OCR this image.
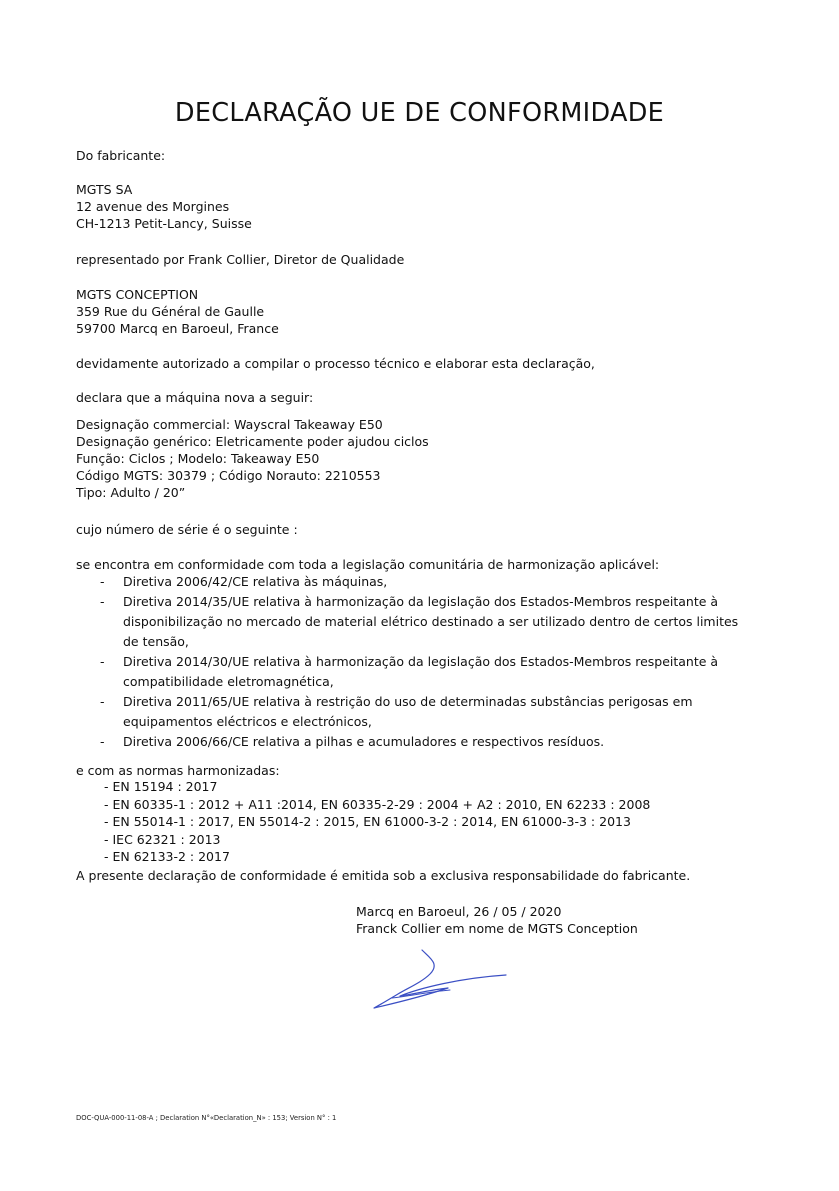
DECLARAÇÃO UE DE CONFORMIDADE
Do fabricante:
MGTS SA
12 avenue des Morgines
CH-1213 Petit-Lancy, Suisse
representado por Frank Collier, Diretor de Qualidade
MGTS CONCEPTION
359 Rue du Général de Gaulle
59700 Marcq en Baroeul, France
devidamente autorizado a compilar o processo técnico e elaborar esta declaração,
declara que a máquina nova a seguir:
Designação commercial: Wayscral Takeaway E50
Designação genérico: Eletricamente poder ajudou ciclos
Função: Ciclos ; Modelo: Takeaway E50
Código MGTS: 30379 ; Código Norauto: 2210553
Tipo: Adulto / 20”
cujo número de série é o seguinte :
se encontra em conformidade com toda a legislação comunitária de harmonização aplicável:
- Diretiva 2006/42/CE relativa às máquinas,
- Diretiva 2014/35/UE relativa à harmonização da legislação dos Estados-Membros respeitante à
disponibilização no mercado de material elétrico destinado a ser utilizado dentro de certos limites
de tensão,
- Diretiva 2014/30/UE relativa à harmonização da legislação dos Estados-Membros respeitante à
compatibilidade eletromagnética,
- Diretiva 2011/65/UE relativa à restrição do uso de determinadas substâncias perigosas em
equipamentos eléctricos e electrónicos,
- Diretiva 2006/66/CE relativa a pilhas e acumuladores e respectivos resíduos.
e com as normas harmonizadas:
- EN 15194 : 2017
- EN 60335-1 : 2012 + A11 :2014, EN 60335-2-29 : 2004 + A2 : 2010, EN 62233 : 2008
- EN 55014-1 : 2017, EN 55014-2 : 2015, EN 61000-3-2 : 2014, EN 61000-3-3 : 2013
- IEC 62321 : 2013
- EN 62133-2 : 2017
A presente declaração de conformidade é emitida sob a exclusiva responsabilidade do fabricante.
Marcq en Baroeul, 26 / 05 / 2020
Franck Collier em nome de MGTS Conception
DOC-QUA-000-11-08-A ; Declaration N°«Declaration_N» : 153; Version N° : 1
